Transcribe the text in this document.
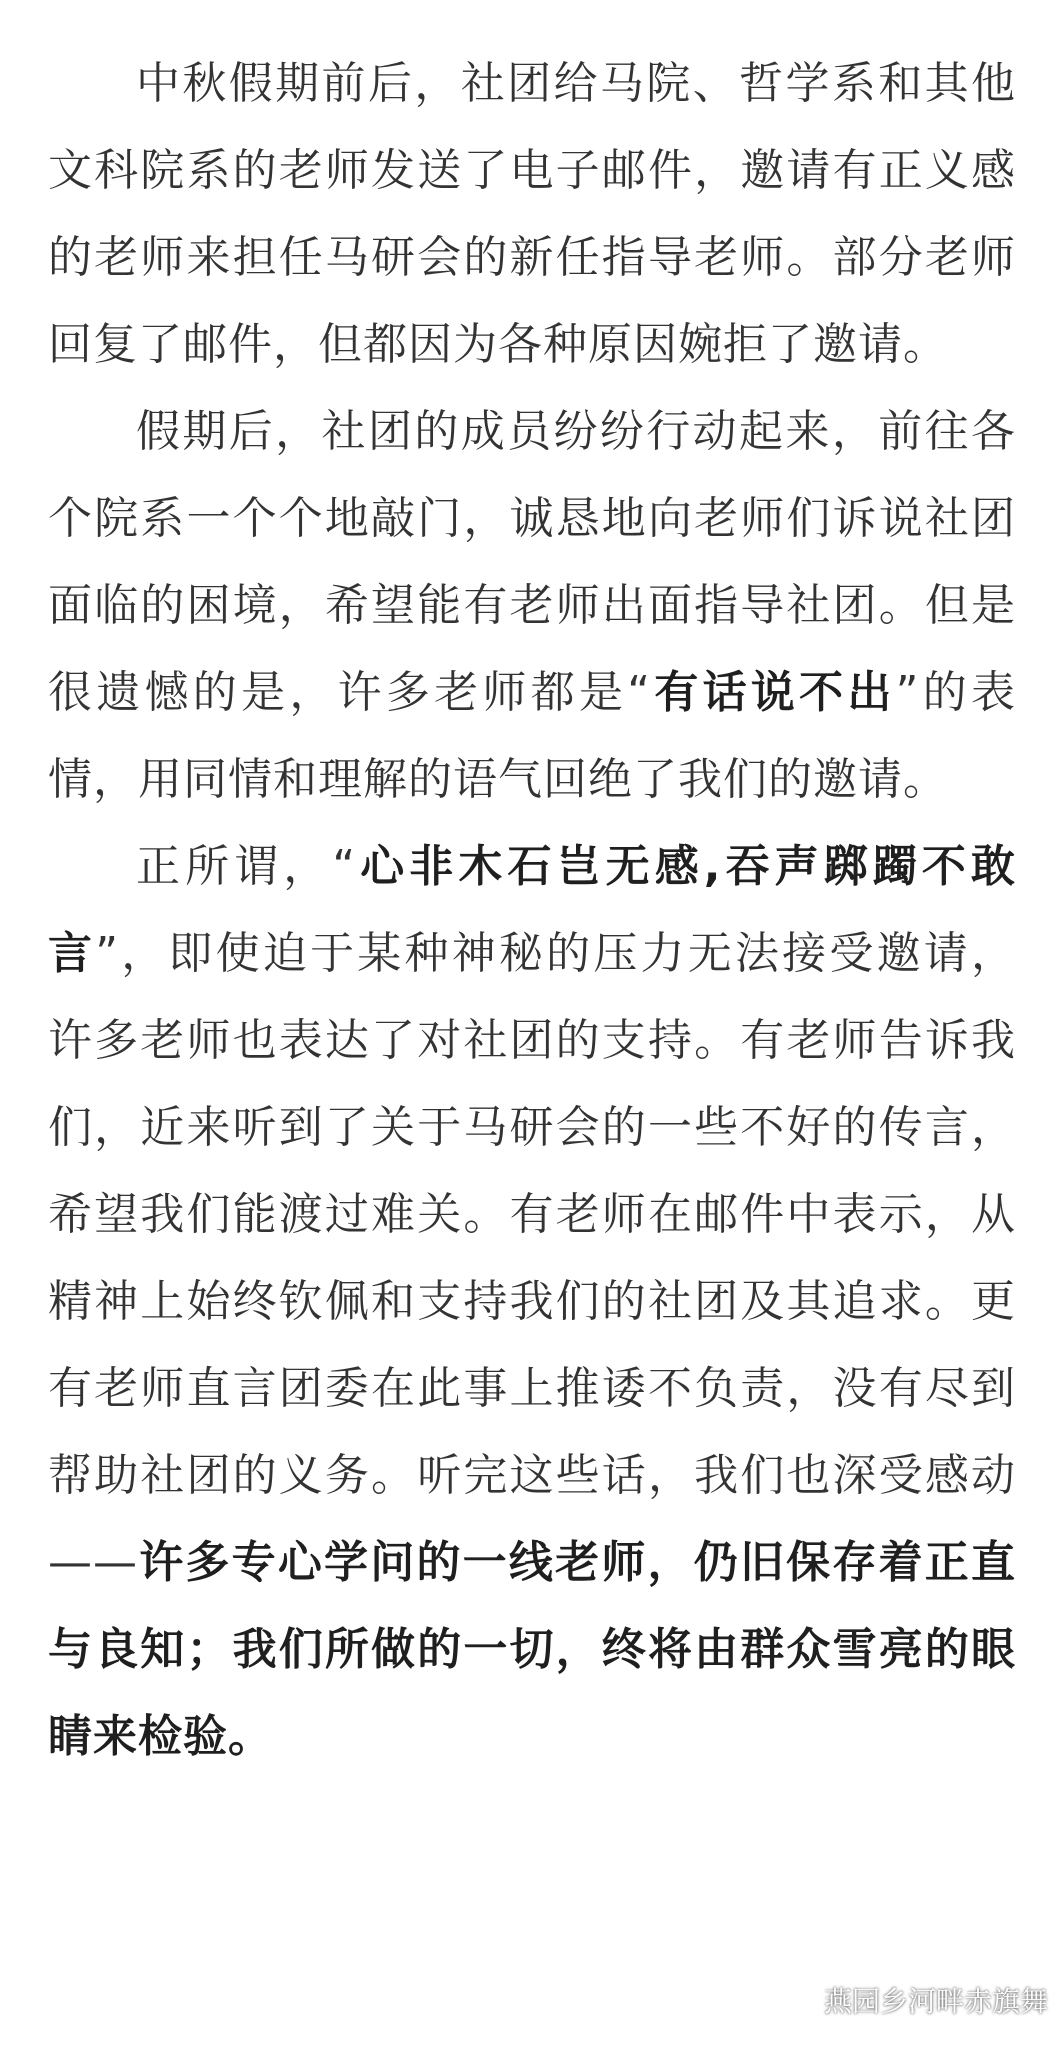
中秋假期前后，社团给马院、哲学系和其他文科院系的老师发送了电子邮件，邀请有正义感的老师来担任马研会的新任指导老师。部分老师回复了邮件，但都因为各种原因婉拒了邀请。

假期后，社团的成员纷纷行动起来，前往各个院系一个个地敲门，诚恳地向老师们诉说社团面临的困境，希望能有老师出面指导社团。但是很遗憾的是，许多老师都是“有话说不出”的表情，用同情和理解的语气回绝了我们的邀请。

正所谓，“心非木石岂无感,吞声踯躅不敢言”，即使迫于某种神秘的压力无法接受邀请，许多老师也表达了对社团的支持。有老师告诉我们，近来听到了关于马研会的一些不好的传言，希望我们能渡过难关。有老师在邮件中表示，从精神上始终钦佩和支持我们的社团及其追求。更有老师直言团委在此事上推诿不负责，没有尽到帮助社团的义务。听完这些话，我们也深受感动——许多专心学问的一线老师，仍旧保存着正直与良知；我们所做的一切，终将由群众雪亮的眼睛来检验。

燕园乡河畔赤旗舞
